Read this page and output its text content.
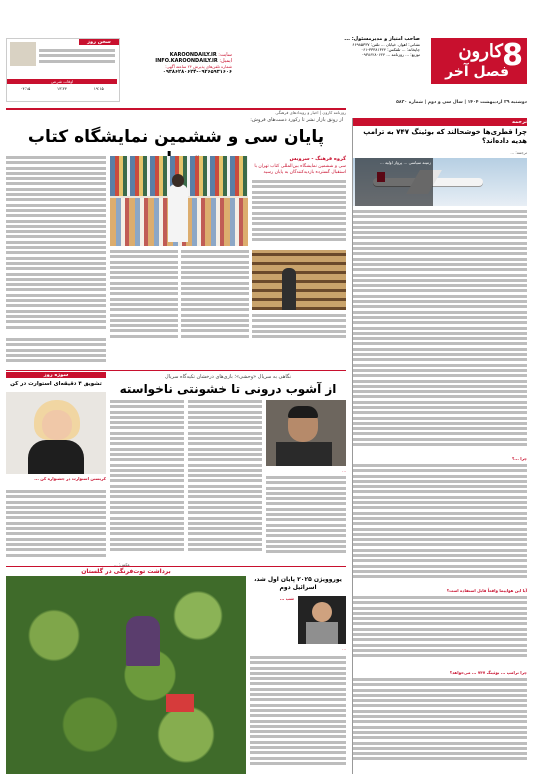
8
کارون
فصل آخر
دوشنبه ۲۹ اردیبهشت ۱۴۰۴ | سال سی و دوم | شماره ۵۸۲۰
صاحب امتیاز و مدیرمسئول: ...
نشانی: اهواز، خیابان ... تلفن: ۶۶۹۸۵۳۳۷
چاپخانه: ... تلفکس: ۳۳۳۸۱۳۲۴-۰۶۱
توزیع: ... روزنامه ... ۰۹۳۸۶۲۸۰۶۲۴
سایت: KAROONDAILY.IR
ایمیل: INFO.KAROONDAILY.IR
شماره تلفن‌های پذیرش ۲۴ ساعته آگهی:
۰۹۳۸۶۲۸۰۶۲۴-۰۹۲۶۵۹۳۱۶۰۶
سخن روز
اوقات شرعی
۱۹:۱۵
۱۳:۲۴
۰۴:۱۵
روزنامه کارون | اخبار و رویدادهای فرهنگی
ترجمه
چرا قطری‌ها خوشحالند که بوئینگ ۷۴۷ به ترامپ هدیه داده‌اند؟
ترجمه: ...
زمینه سیاسی ... پرواز اولیه ...
چرا ...؟
آیا این هواپیما واقعاً قابل استفاده است؟
چرا ترامپ ... بوئینگ ۷۴۷ ... می‌خواهد؟
از رونق بازار نشر تا رکورد دست‌های فروش:
پایان سی و ششمین نمایشگاه کتاب
گروه فرهنگ - سرویس
سی و ششمین نمایشگاه بین‌المللی کتاب تهران با استقبال گسترده بازدیدکنندگان به پایان رسید
سوژه روز	نگاهی به سریال «وحشی»؛ بازی‌های درخشان تکیه‌گاه سریال
از آشوب درونی تا خشونتی ناخواسته
تشویق ۴ دقیقه‌ای استوارت در کن
کریستن استوارت در جشنواره کن ...
...
برداشت توت‌فرنگی در گلستان
عکس: ...
یوروویژن ۲۰۲۵ پایان اول شد، اسرائیل دوم
شب ...
...
